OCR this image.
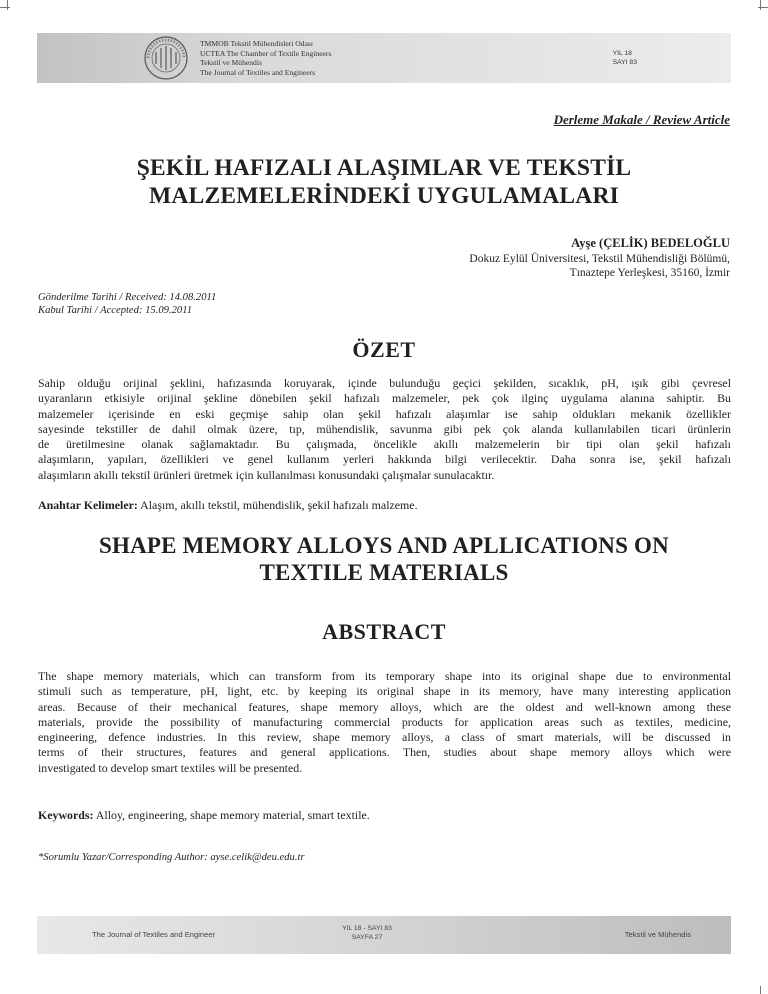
TMMOB Tekstil Mühendisleri Odası
UCTEA The Chamber of Textile Engineers
Tekstil ve Mühendis
The Journal of Textiles and Engineers
YIL 18
SAYI 83
Derleme Makale / Review Article
ŞEKİL HAFIZALI ALAŞIMLAR VE TEKSTİL
MALZEMELERİNDEKİ UYGULAMALARI
Ayşe (ÇELİK) BEDELOĞLU
Dokuz Eylül Üniversitesi, Tekstil Mühendisliği Bölümü,
Tınaztepe Yerleşkesi, 35160, İzmir
Gönderilme Tarihi / Received: 14.08.2011
Kabul Tarihi / Accepted: 15.09.2011
ÖZET
Sahip olduğu orijinal şeklini, hafızasında koruyarak, içinde bulunduğu geçici şekilden, sıcaklık, pH, ışık gibi çevresel
uyaranların etkisiyle orijinal şekline dönebilen şekil hafızalı malzemeler, pek çok ilginç uygulama alanına sahiptir. Bu
malzemeler içerisinde en eski geçmişe sahip olan şekil hafızalı alaşımlar ise sahip oldukları mekanik özellikler
sayesinde tekstiller de dahil olmak üzere, tıp, mühendislik, savunma gibi pek çok alanda kullanılabilen ticari ürünlerin
de üretilmesine olanak sağlamaktadır. Bu çalışmada, öncelikle akıllı malzemelerin bir tipi olan şekil hafızalı
alaşımların, yapıları, özellikleri ve genel kullanım yerleri hakkında bilgi verilecektir. Daha sonra ise, şekil hafızalı
alaşımların akıllı tekstil ürünleri üretmek için kullanılması konusundaki çalışmalar sunulacaktır.
Anahtar Kelimeler: Alaşım, akıllı tekstil, mühendislik, şekil hafızalı malzeme.
SHAPE MEMORY ALLOYS AND APLLICATIONS ON
TEXTILE MATERIALS
ABSTRACT
The shape memory materials, which can transform from its temporary shape into its original shape due to environmental
stimuli such as temperature, pH, light, etc. by keeping its original shape in its memory, have many interesting application
areas. Because of their mechanical features, shape memory alloys, which are the oldest and well-known among these
materials, provide the possibility of manufacturing commercial products for application areas such as textiles, medicine,
engineering, defence industries. In this review, shape memory alloys, a class of smart materials, will be discussed in
terms of their structures, features and general applications. Then, studies about shape memory alloys which were
investigated to develop smart textiles will be presented.
Keywords: Alloy, engineering, shape memory material, smart textile.
*Sorumlu Yazar/Corresponding Author: ayse.celik@deu.edu.tr
The Journal of Textiles and Engineer
YIL 18 - SAYI 83
SAYFA 27	Tekstil ve Mühendis
